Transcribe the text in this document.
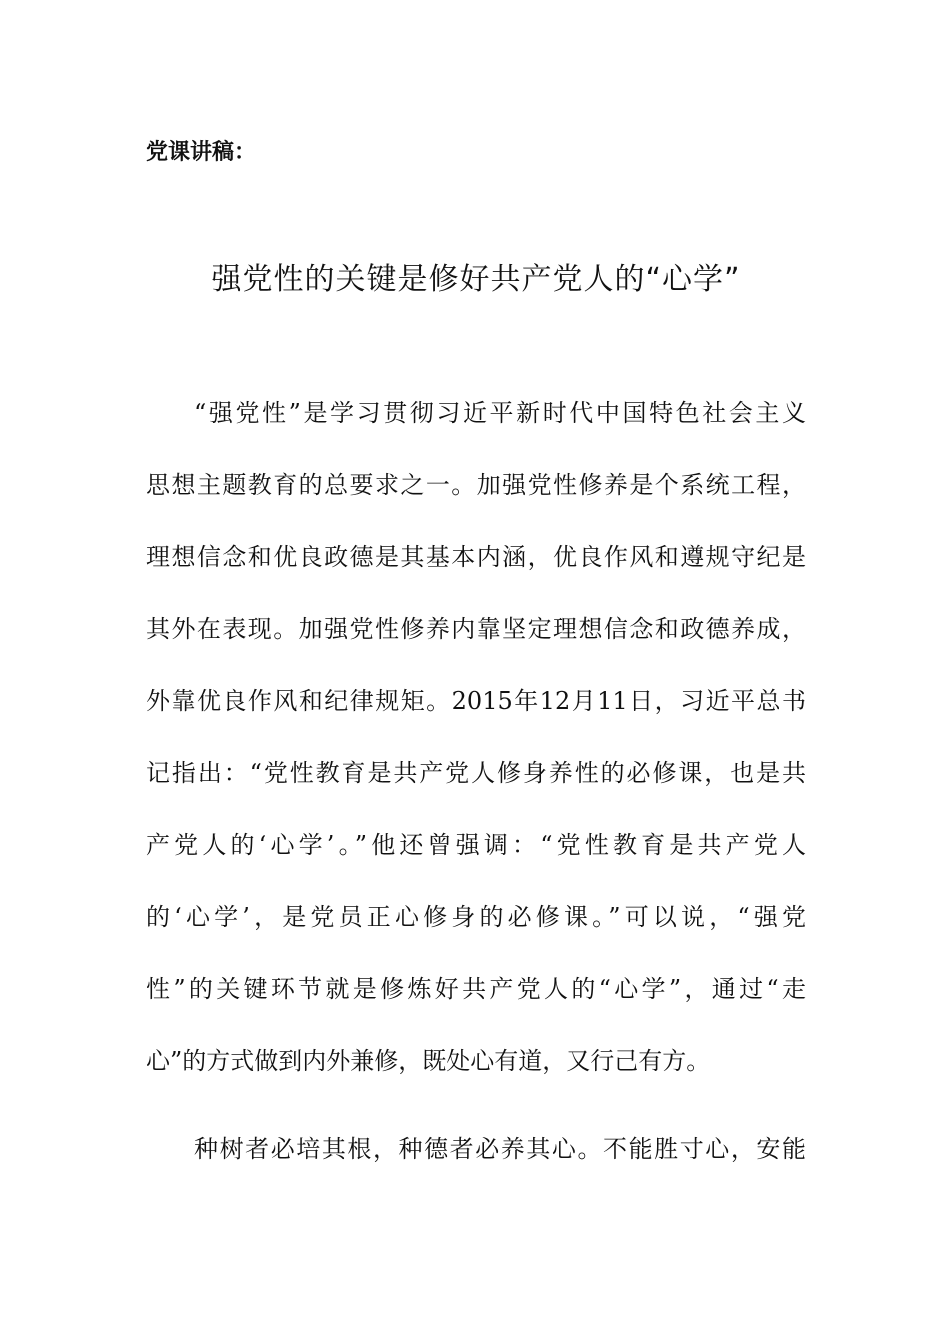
党课讲稿：
强党性的关键是修好共产党人的“心学”
“强党性”是学习贯彻习近平新时代中国特色社会主义
思想主题教育的总要求之一。加强党性修养是个系统工程，
理想信念和优良政德是其基本内涵，优良作风和遵规守纪是
其外在表现。加强党性修养内靠坚定理想信念和政德养成，
外靠优良作风和纪律规矩。2015年12月11日，习近平总书
记指出：“党性教育是共产党人修身养性的必修课，也是共
产党人的‘心学’。”他还曾强调：“党性教育是共产党人
的‘心学’，是党员正心修身的必修课。”可以说，“强党
性”的关键环节就是修炼好共产党人的“心学”，通过“走
心”的方式做到内外兼修，既处心有道，又行己有方。
种树者必培其根，种德者必养其心。不能胜寸心，安能
